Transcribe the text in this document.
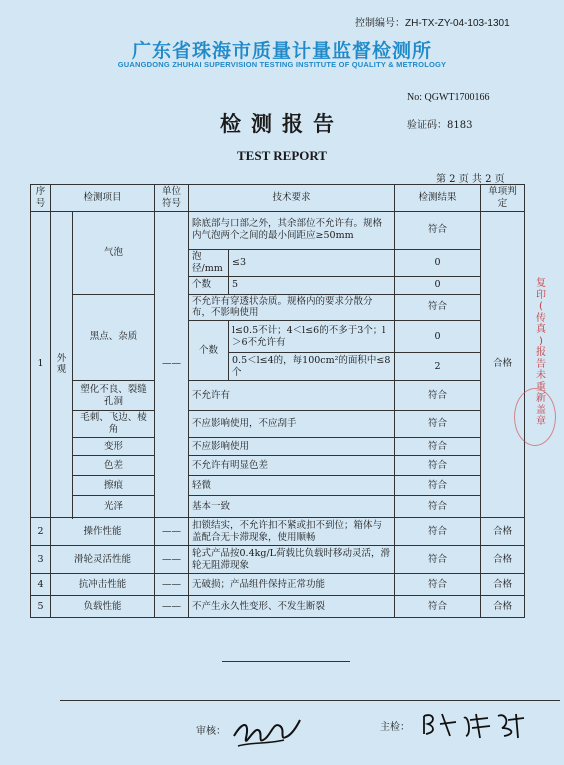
控制编号：ZH-TX-ZY-04-103-1301
广东省珠海市质量计量监督检测所
GUANGDONG ZHUHAI SUPERVISION TESTING INSTITUTE OF QUALITY & METROLOGY
No: QGWT1700166
检测报告	验证码：8183
TEST REPORT
第 2 页 共 2 页
序号	检测项目		单位符号	技术要求		检测结果	单项判定
1	外观	气泡	——	除底部与口部之外，其余部位不允许有。规格内气泡两个之间的最小间距应≥50mm		符合	合格
				泡径/mm	≤3	0	
				个数	5	0	
		黑点、杂质		不允许有穿透状杂质。规格内的要求分散分布，不影响使用		符合	
				个数	l≤0.5不计；4＜l≤6的不多于3个；l＞6不允许有	0	
					0.5＜l≤4的，每100cm²的面积中≤8个	2	
		塑化不良、裂缝孔洞		不允许有		符合	

		毛刺、飞边、棱角		不应影响使用，不应刮手		符合	
		变形		不应影响使用		符合	
		色差		不允许有明显色差		符合	
		擦痕		轻微		符合	
		光泽		基本一致		符合	

2	操作性能		——	扣锁结实，不允许扣不紧或扣不到位；箱体与盖配合无卡滞现象，使用顺畅		符合	合格
3	滑轮灵活性能		——	轮式产品按0.4kg/L荷载比负载时移动灵活，滑轮无阻滞现象		符合	合格
4	抗冲击性能		——	无破损；产品组件保持正常功能		符合	合格
5	负载性能		——	不产生永久性变形、不发生断裂		符合	合格
复
印
(
传
真
)
报
告
未
重
新
盖
章
审核：	主检：
